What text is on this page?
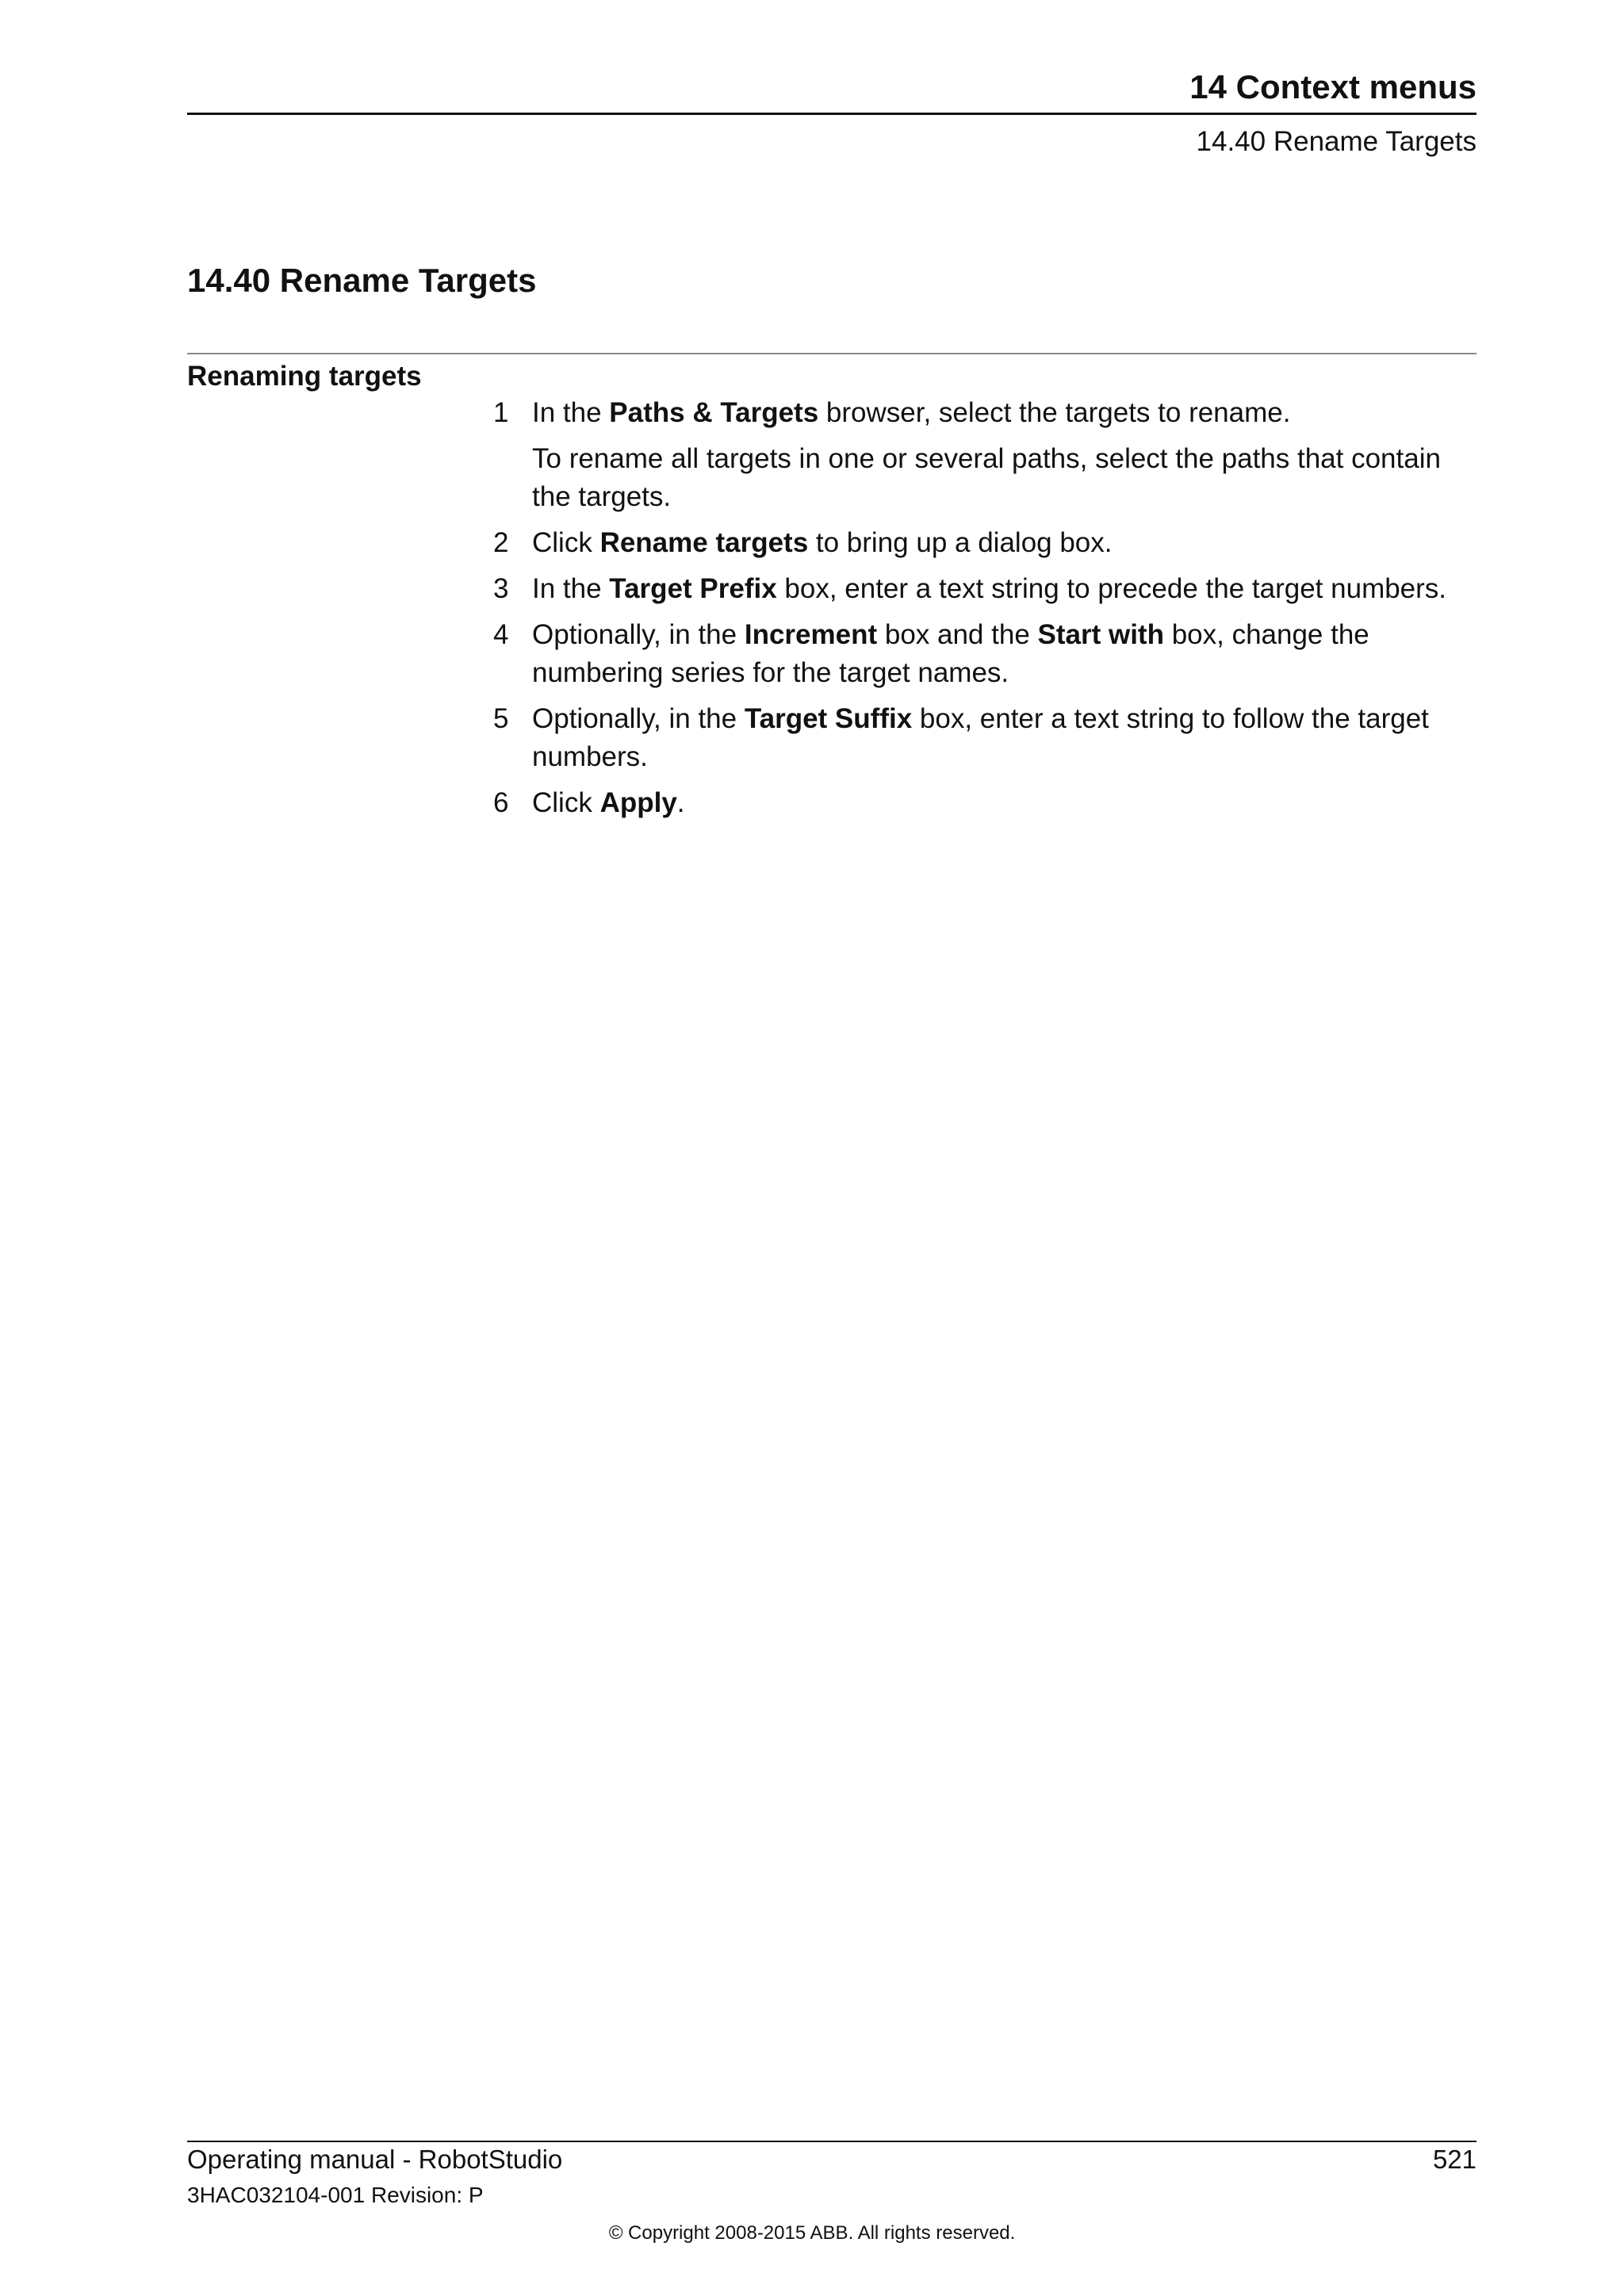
14 Context menus
14.40 Rename Targets
14.40 Rename Targets
Renaming targets
1 In the Paths & Targets browser, select the targets to rename.
To rename all targets in one or several paths, select the paths that contain the targets.
2 Click Rename targets to bring up a dialog box.
3 In the Target Prefix box, enter a text string to precede the target numbers.
4 Optionally, in the Increment box and the Start with box, change the numbering series for the target names.
5 Optionally, in the Target Suffix box, enter a text string to follow the target numbers.
6 Click Apply.
Operating manual - RobotStudio	521
3HAC032104-001 Revision: P
© Copyright 2008-2015 ABB. All rights reserved.
